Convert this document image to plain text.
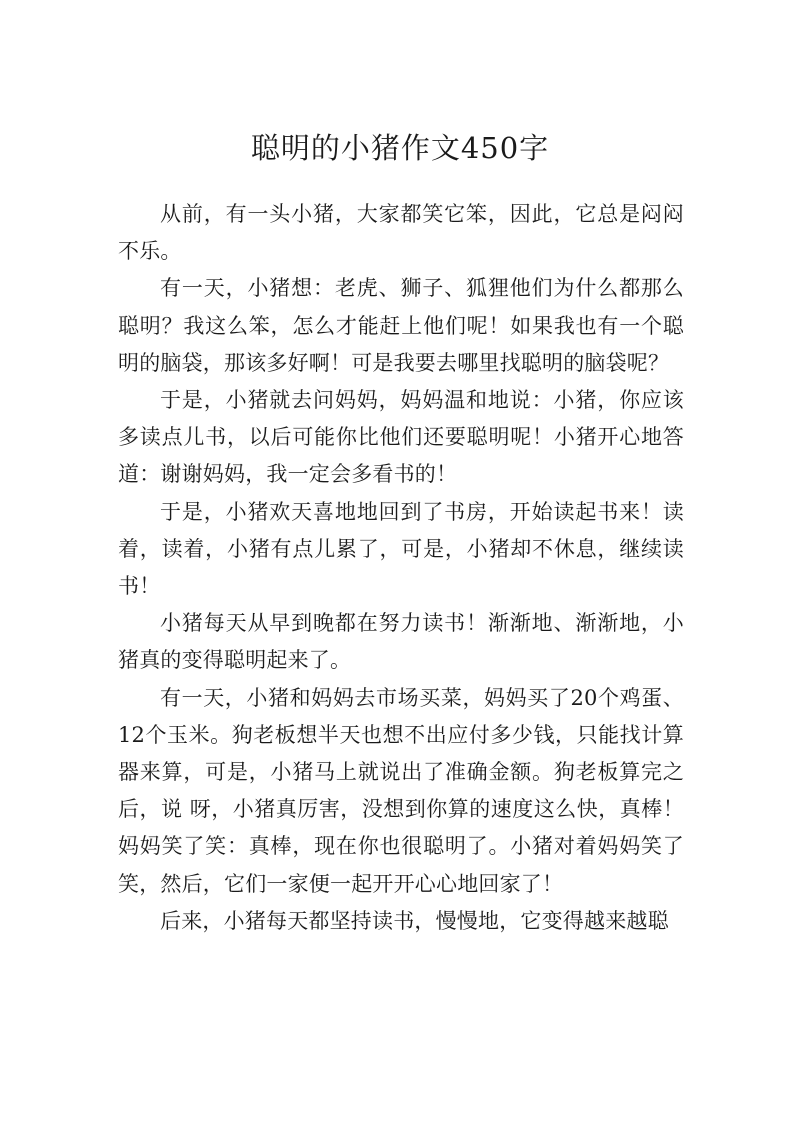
聪明的小猪作文450字

从前，有一头小猪，大家都笑它笨，因此，它总是闷闷不乐。

有一天，小猪想：老虎、狮子、狐狸他们为什么都那么聪明？我这么笨，怎么才能赶上他们呢！如果我也有一个聪明的脑袋，那该多好啊！可是我要去哪里找聪明的脑袋呢？

于是，小猪就去问妈妈，妈妈温和地说：小猪，你应该多读点儿书，以后可能你比他们还要聪明呢！小猪开心地答道：谢谢妈妈，我一定会多看书的！

于是，小猪欢天喜地地回到了书房，开始读起书来！读着，读着，小猪有点儿累了，可是，小猪却不休息，继续读书！

小猪每天从早到晚都在努力读书！渐渐地、渐渐地，小猪真的变得聪明起来了。

有一天，小猪和妈妈去市场买菜，妈妈买了20个鸡蛋、12个玉米。狗老板想半天也想不出应付多少钱，只能找计算器来算，可是，小猪马上就说出了准确金额。狗老板算完之后，说 呀，小猪真厉害，没想到你算的速度这么快，真棒！妈妈笑了笑：真棒，现在你也很聪明了。小猪对着妈妈笑了笑，然后，它们一家便一起开开心心地回家了！

后来，小猪每天都坚持读书，慢慢地，它变得越来越聪
